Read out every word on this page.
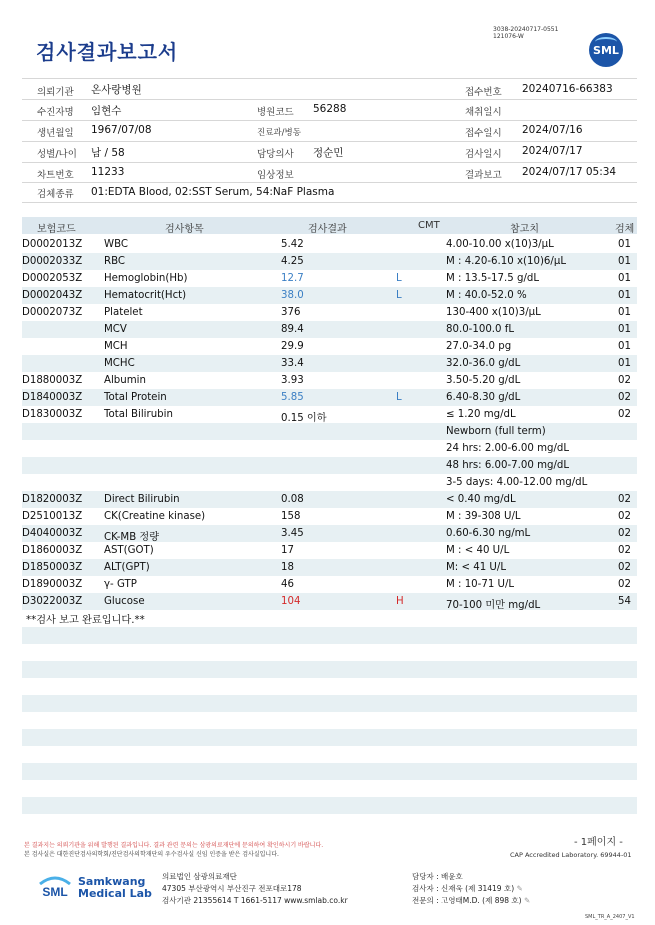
검사결과보고서
3038-20240717-0551
121076-W
SML
의뢰기관 온사랑병원	접수번호 20240716-66383
수진자명 임현수	병원코드 56288	채취일시
생년월일 1967/07/08	진료과/병동	접수일시 2024/07/16
성별/나이 남 / 58	담당의사 정순민	검사일시 2024/07/17
차트번호 11233	임상정보	결과보고 2024/07/17 05:34
검체종류 01:EDTA Blood, 02:SST Serum, 54:NaF Plasma
보험코드	검사항목	검사결과	CMT	참고치	검체
D0002013Z WBC	5.42	4.00-10.00 x(10)3/μL	01
D0002033Z RBC	4.25	M : 4.20-6.10 x(10)6/μL	01
D0002053Z Hemoglobin(Hb)	12.7	L	M : 13.5-17.5 g/dL	01
D0002043Z Hematocrit(Hct)	38.0	L	M : 40.0-52.0 %	01
D0002073Z Platelet	376	130-400 x(10)3/μL	01
MCV	89.4	80.0-100.0 fL	01
MCH	29.9	27.0-34.0 pg	01
MCHC	33.4	32.0-36.0 g/dL	01
D1880003Z Albumin	3.93	3.50-5.20 g/dL	02
D1840003Z Total Protein	5.85	L	6.40-8.30 g/dL	02
D1830003Z Total Bilirubin	0.15 이하	≤ 1.20 mg/dL	02
Newborn (full term)
24 hrs: 2.00-6.00 mg/dL
48 hrs: 6.00-7.00 mg/dL
3-5 days: 4.00-12.00 mg/dL
D1820003Z Direct Bilirubin	0.08	< 0.40 mg/dL	02
D2510013Z CK(Creatine kinase)	158	M : 39-308 U/L	02
D4040003Z CK-MB 정량	3.45	0.60-6.30 ng/mL	02
D1860003Z AST(GOT)	17	M : < 40 U/L	02
D1850003Z ALT(GPT)	18	M: < 41 U/L	02
D1890003Z γ- GTP	46	M : 10-71 U/L	02
D3022003Z Glucose	104	H	70-100 미만 mg/dL	54
**검사 보고 완료입니다.**
본 결과지는 의뢰기관을 위해 발행된 결과입니다. 결과 관련 문의는 삼광의료재단에 문의하여 확인하시기 바랍니다.
본 검사실은 대한진단검사의학회/진단검사의학재단의 우수검사실 신임 인증을 받은 검사실입니다.
- 1페이지 -
CAP Accredited Laboratory. 69944-01
SML
Samkwang
Medical Lab
의료법인 삼광의료재단
47305 부산광역시 부산진구 전포대로178
검사기관 21355614 T 1661-5117 www.smlab.co.kr
담당자 : 배윤호
검사자 : 신재욱 (제 31419 호) ✎
전문의 : 고영태M.D. (제 898 호) ✎
SML_TR_A_2407_V1
